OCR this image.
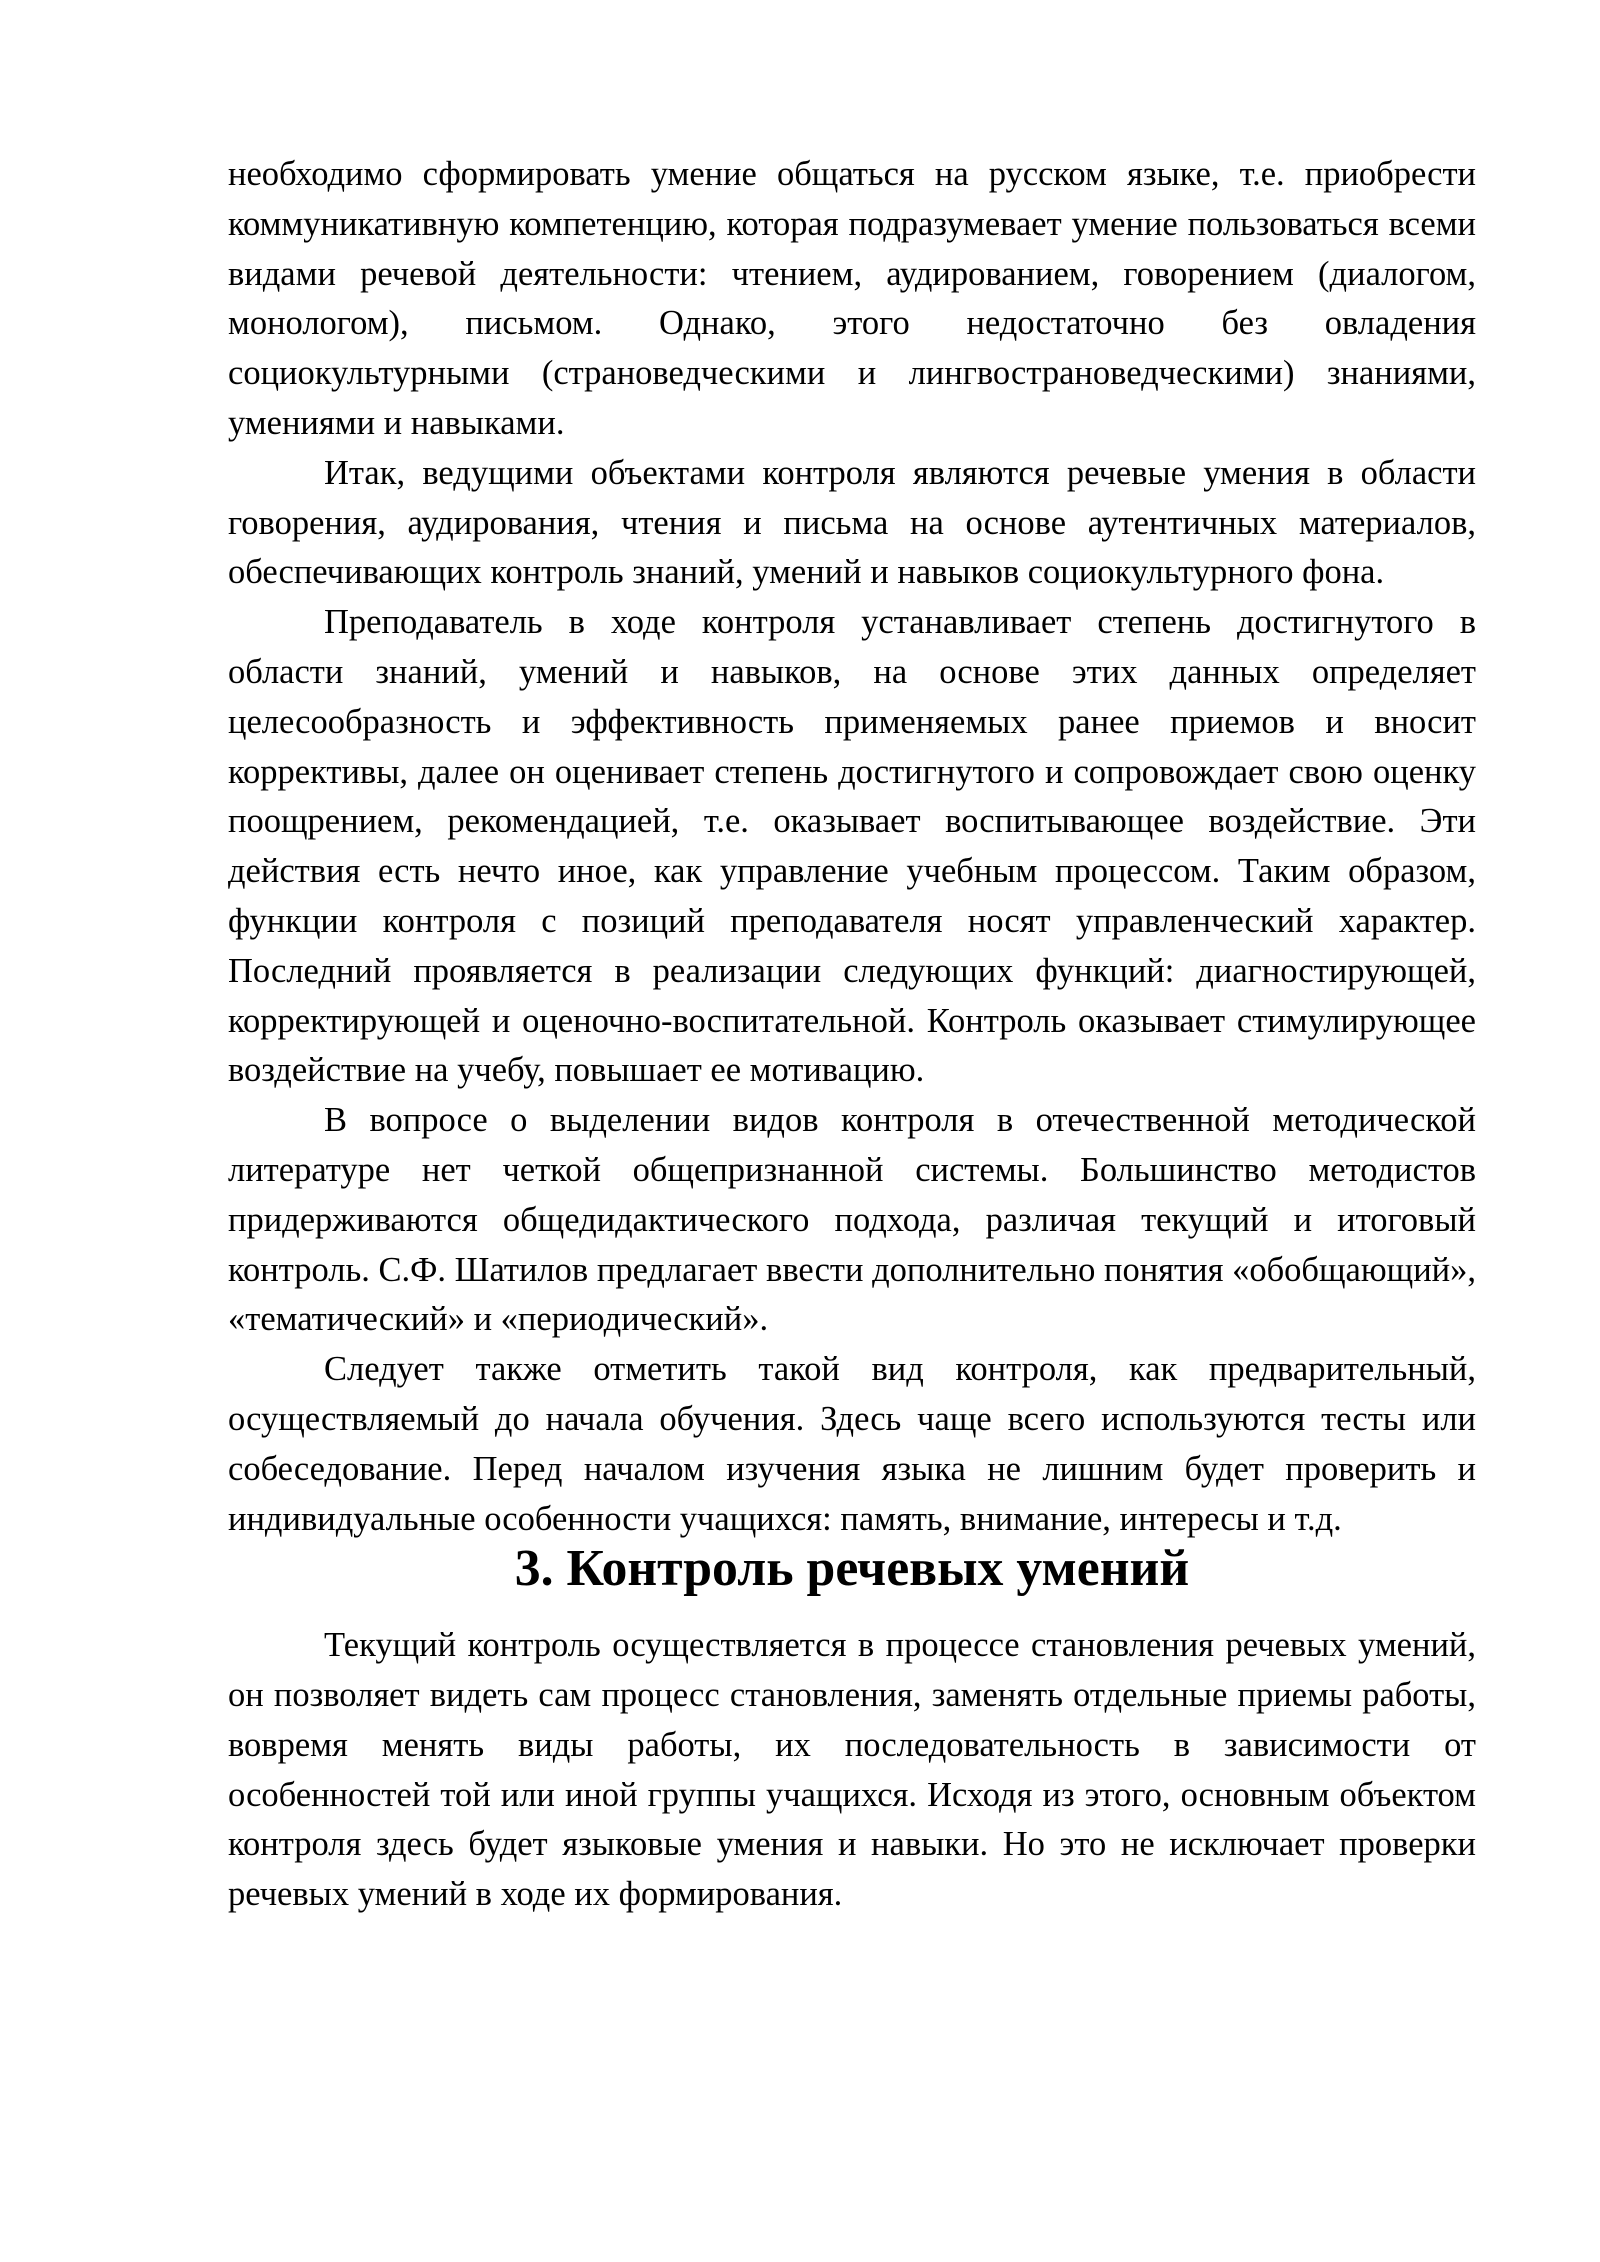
необходимо сформировать умение общаться на русском языке, т.е. приобрести коммуникативную компетенцию, которая подразумевает умение пользоваться всеми видами речевой деятельности: чтением, аудированием, говорением (диалогом, монологом), письмом. Однако, этого недостаточно без овладения социокультурными (страноведческими и лингвострановедческими) знаниями, умениями и навыками.

Итак, ведущими объектами контроля являются речевые умения в области говорения, аудирования, чтения и письма на основе аутентичных материалов, обеспечивающих контроль знаний, умений и навыков социокультурного фона.

Преподаватель в ходе контроля устанавливает степень достигнутого в области знаний, умений и навыков, на основе этих данных определяет целесообразность и эффективность применяемых ранее приемов и вносит коррективы, далее он оценивает степень достигнутого и сопровождает свою оценку поощрением, рекомендацией, т.е. оказывает воспитывающее воздействие. Эти действия есть нечто иное, как управление учебным процессом. Таким образом, функции контроля с позиций преподавателя носят управленческий характер. Последний проявляется в реализации следующих функций: диагностирующей, корректирующей и оценочно-воспитательной. Контроль оказывает стимулирующее воздействие на учебу, повышает ее мотивацию.

В вопросе о выделении видов контроля в отечественной методической литературе нет четкой общепризнанной системы. Большинство методистов придерживаются общедидактического подхода, различая текущий и итоговый контроль. С.Ф. Шатилов предлагает ввести дополнительно понятия «обобщающий», «тематический» и «периодический».

Следует также отметить такой вид контроля, как предварительный, осуществляемый до начала обучения. Здесь чаще всего используются тесты или собеседование. Перед началом изучения языка не лишним будет проверить и индивидуальные особенности учащихся: память, внимание, интересы и т.д.

3. Контроль речевых умений

Текущий контроль осуществляется в процессе становления речевых умений, он позволяет видеть сам процесс становления, заменять отдельные приемы работы, вовремя менять виды работы, их последовательность в зависимости от особенностей той или иной группы учащихся. Исходя из этого, основным объектом контроля здесь будет языковые умения и навыки. Но это не исключает проверки речевых умений в ходе их формирования.
